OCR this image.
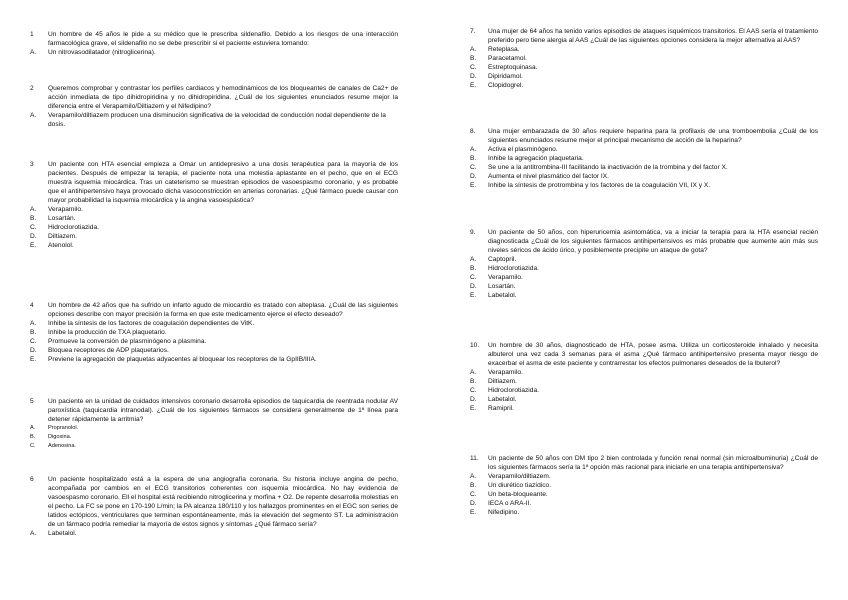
1	Un hombre de 45 años le pide a su médico que le prescriba sildenafilo. Debido a los riesgos de una interacción farmacológica grave, el sildenafilo no se debe prescribir si el paciente estuviera tomando:
A. Un nitrovasodilatador (nitroglicerina).
2	Queremos comprobar y contrastar los perfiles cardiacos y hemodinámicos de los bloqueantes de canales de Ca2+ de acción inmediata de tipo dihidropiridina y no dihidropiridina. ¿Cuál de los siguientes enunciados resume mejor la diferencia entre el Verapamilo/Diltiazem y el Nifedipino?
A. Verapamilo/diltiazem producen una disminución significativa de la velocidad de conducción nodal dependiente de la dosis.
3	Un paciente con HTA esencial empieza a Omar un antidepresivo a una dosis terapéutica para la mayoría de los pacientes. Después de empezar la terapia, el paciente nota una molestia aplastante en el pecho, que en el ECG muestra isquemia miocárdica. Tras un cateterismo se muestran episodios de vasoespasmo coronario, y es probable que el antihipertensivo haya provocado dicha vasoconstricción en arterias coronarias. ¿Qué fármaco puede causar con mayor probabilidad la isquemia miocárdica y la angina vasoespástica?
A. Verapamilo.
B. Losartán.
C. Hidroclorotiazida.
D. Diltiazem.
E. Atenolol.
4	Un hombre de 42 años que ha sufrido un infarto agudo de miocardio es tratado con alteplasa. ¿Cuál de las siguientes opciones describe con mayor precisión la forma en que este medicamento ejerce el efecto deseado?
A. Inhibe la síntesis de los factores de coagulación dependientes de VitK.
B. Inhibe la producción de TXA plaquetario.
C. Promueve la conversión de plasminógeno a plasmina.
D. Bloquea receptores de ADP plaquetarios.
E. Previene la agregación de plaquetas adyacentes al bloquear los receptores de la GpIIB/IIIA.
5	Un paciente en la unidad de cuidados intensivos coronario desarrolla episodios de taquicardia de reentrada nodular AV paroxística (taquicardia intranodal). ¿Cuál de los siguientes fármacos se considera generalmente de 1ª línea para detener rápidamente la arritmia?
A. Propranolol.
B. Digoxina.
C. Adenosina.
6	Un paciente hospitalizado está a la espera de una angiografía coronaria. Su historia incluye angina de pecho, acompañada por cambios en el ECG transitorios coherentes con isquemia miocárdica. No hay evidencia de vasoespasmo coronario. Ell el hospital está recibiendo nitroglicerina y morfina + O2. De repente desarrolla molestias en el pecho. La FC se pone en 170-190 L/min; la PA alcanza 180/110 y los hallazgos prominentes en el EGC son series de latidos ectópicos, ventriculares que terminan espontáneamente, más la elevación del segmento ST. La administración de un fármaco podría remediar la mayoría de estos signos y síntomas ¿Qué fármaco sería?
A. Labetalol.
7.	Una mujer de 64 años ha tenido varios episodios de ataques isquémicos transitorios. El AAS sería el tratamiento preferido pero tiene alergia al AAS ¿Cuál de las siguientes opciones considera la mejor alternativa al AAS?
A. Reteplasa.
B. Paracetamol.
C. Estreptoquinasa.
D. Dipiridamol.
E. Clopidogrel.
8.	Una mujer embarazada de 30 años requiere heparina para la profilaxis de una tromboembolia ¿Cuál de los siguientes enunciados resume mejor el principal mecanismo de acción de la heparina?
A. Activa el plasminógeno.
B. Inhibe la agregación plaquetaria.
C. Se une a la antitrombina-III facilitando la inactivación de la trombina y del factor X.
D. Aumenta el nivel plasmático del factor IX.
E. Inhibe la síntesis de protrombina y los factores de la coagulación VII, IX y X.
9.	Un paciente de 50 años, con hiperuricemia asintomática, va a iniciar la terapia para la HTA esencial recién diagnosticada ¿Cuál de los siguientes fármacos antihipertensivos es más probable que aumente aún más sus niveles séricos de ácido úrico, y posiblemente precipite un ataque de gota?
A. Captopril.
B. Hidroclorotiazida.
C. Verapamilo.
D. Losartán.
E. Labetalol.
10.	Un hombre de 30 años, diagnosticado de HTA, posee asma. Utiliza un corticosteroide inhalado y necesita albuterol una vez cada 3 semanas para el asma ¿Qué fármaco antihipertensivo presenta mayor riesgo de exacerbar el asma de este paciente y contrarrestar los efectos pulmonares deseados de la lbuterol?
A. Verapamilo.
B. Diltiazem.
C. Hidroclorotiazida.
D. Labetalol.
E. Ramipril.
11.	Un paciente de 50 años con DM tipo 2 bien controlada y función renal normal (sin microalbuminuria) ¿Cuál de los siguientes fármacos sería la 1ª opción más racional para iniciarle en una terapia antihipertensiva?
A. Verapamilo/diltiazem.
B. Un diurético tiazídico.
C. Un beta-bloqueante.
D. IECA o ARA-II.
E. Nifedipino.
